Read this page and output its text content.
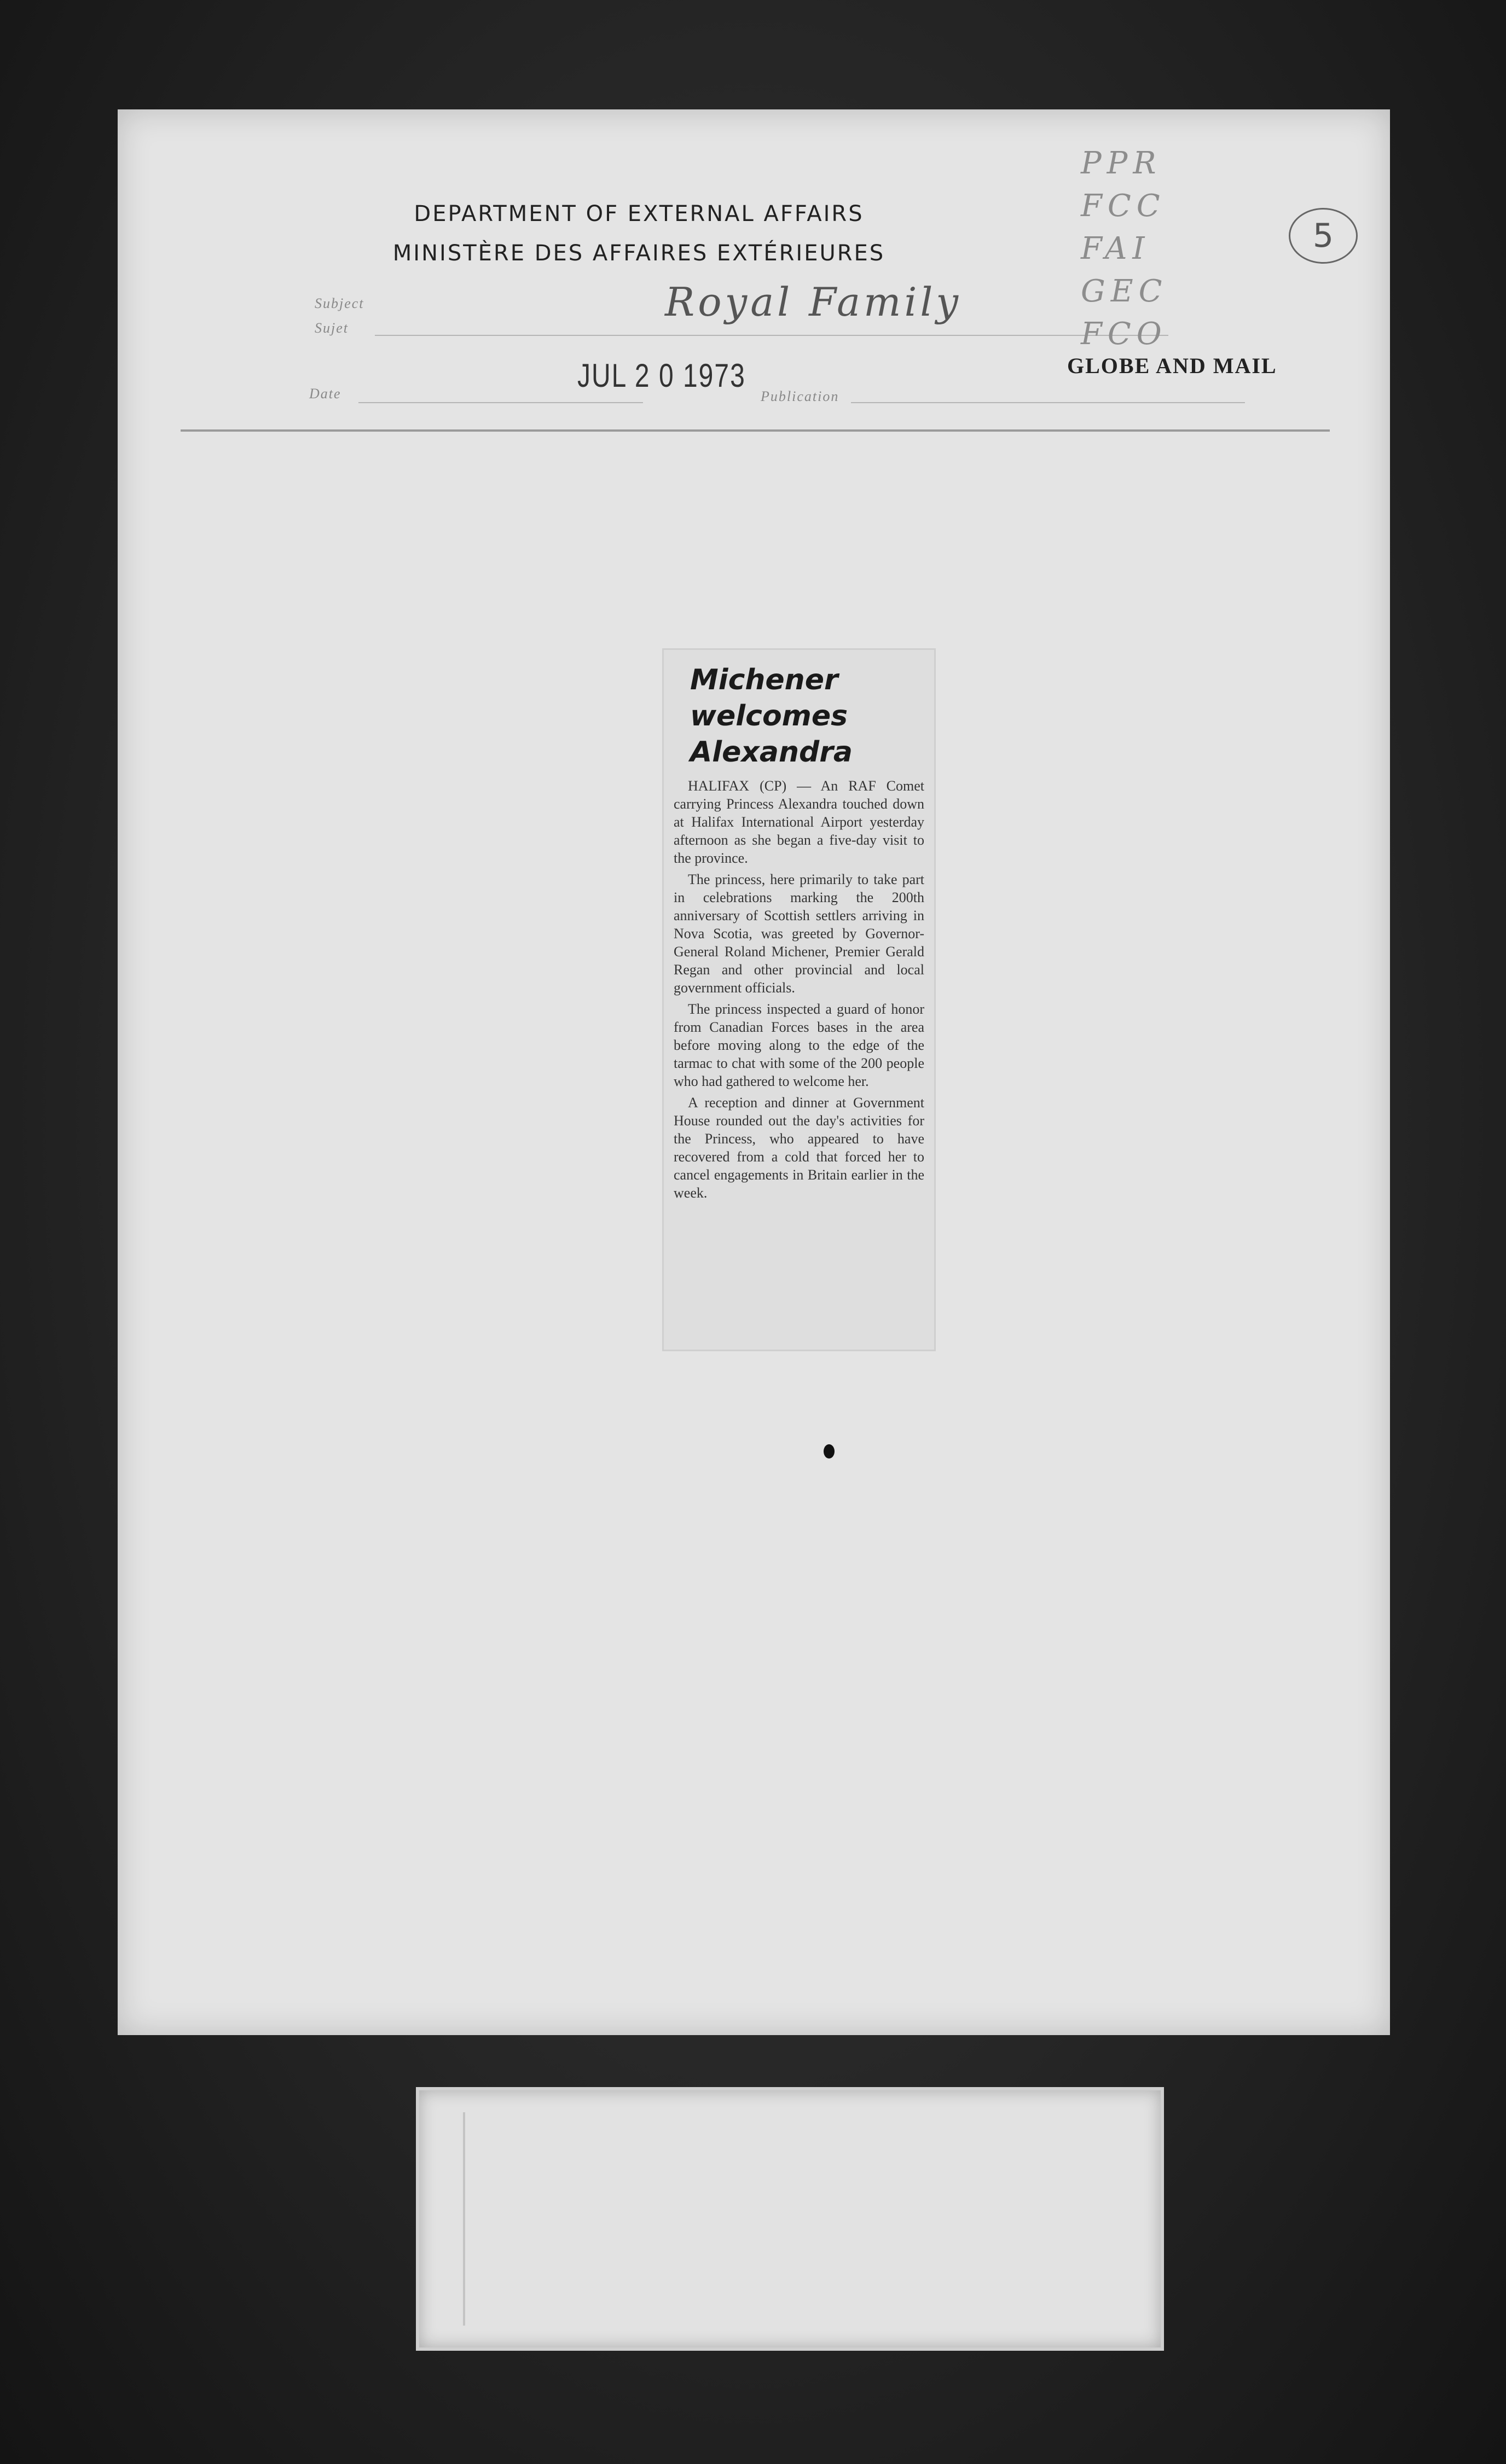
DEPARTMENT OF EXTERNAL AFFAIRS
MINISTÈRE DES AFFAIRES EXTÉRIEURES
Subject
Sujet
Royal Family
Date	JUL 2 0 1973
Publication
GLOBE AND MAIL
PPR
FCC
FAI
GEC
FCO
5
Michener
welcomes
Alexandra

HALIFAX (CP) — An RAF Comet carrying Princess Alexandra touched down at Halifax International Airport yesterday afternoon as she began a five-day visit to the province.

The princess, here primarily to take part in celebrations marking the 200th anniversary of Scottish settlers arriving in Nova Scotia, was greeted by Governor-General Roland Michener, Premier Gerald Regan and other provincial and local government officials.

The princess inspected a guard of honor from Canadian Forces bases in the area before moving along to the edge of the tarmac to chat with some of the 200 people who had gathered to welcome her.

A reception and dinner at Government House rounded out the day's activities for the Princess, who appeared to have recovered from a cold that forced her to cancel engagements in Britain earlier in the week.
